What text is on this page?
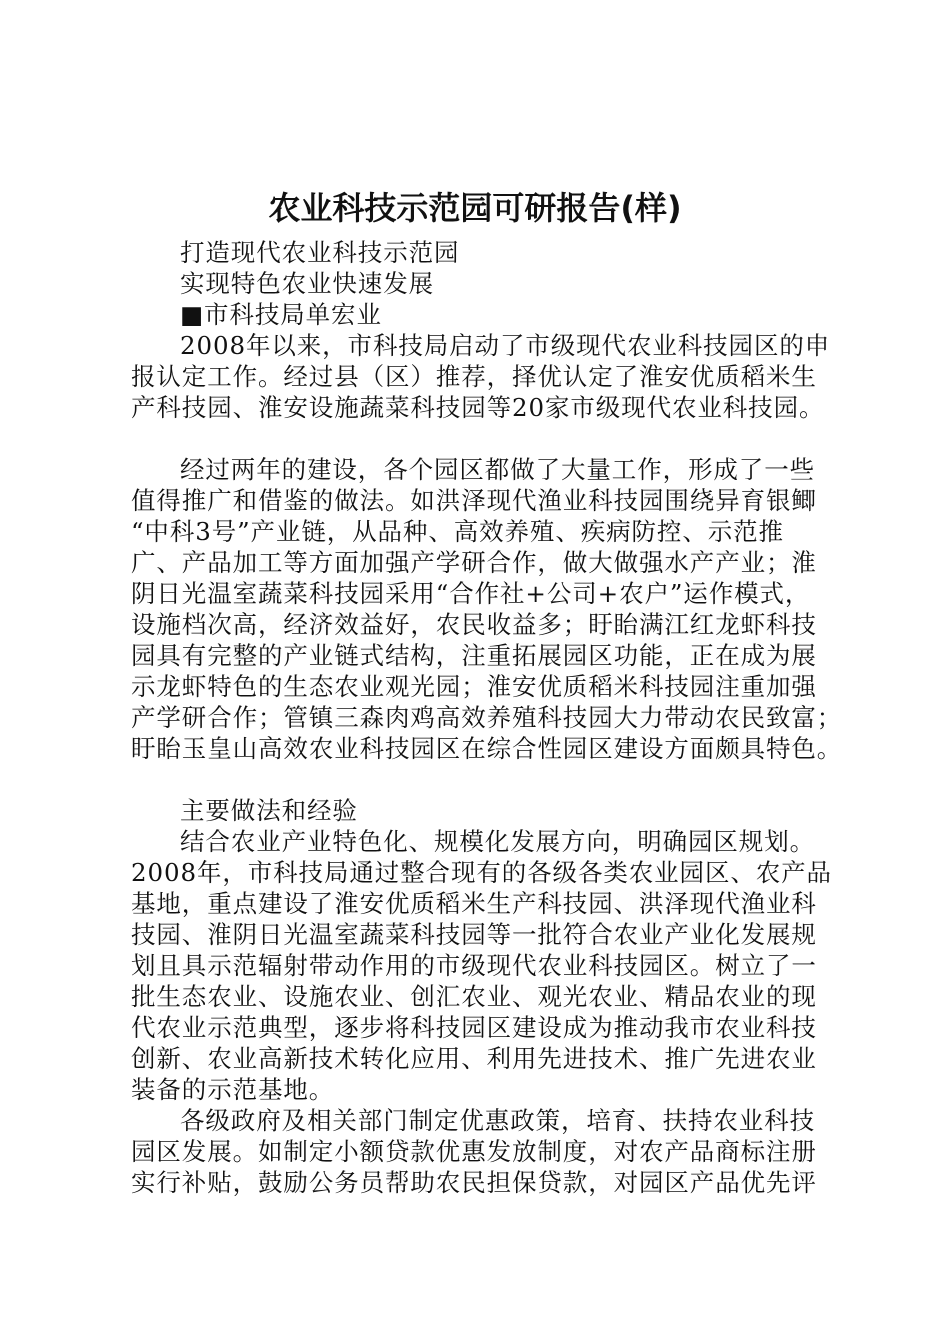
农业科技示范园可研报告(样)
打造现代农业科技示范园
实现特色农业快速发展
■市科技局单宏业
2008年以来，市科技局启动了市级现代农业科技园区的申
报认定工作。经过县（区）推荐，择优认定了淮安优质稻米生
产科技园、淮安设施蔬菜科技园等20家市级现代农业科技园。
经过两年的建设，各个园区都做了大量工作，形成了一些
值得推广和借鉴的做法。如洪泽现代渔业科技园围绕异育银鲫
“中科3号”产业链，从品种、高效养殖、疾病防控、示范推
广、产品加工等方面加强产学研合作，做大做强水产产业；淮
阴日光温室蔬菜科技园采用“合作社+公司+农户”运作模式，
设施档次高，经济效益好，农民收益多；盱眙满江红龙虾科技
园具有完整的产业链式结构，注重拓展园区功能，正在成为展
示龙虾特色的生态农业观光园；淮安优质稻米科技园注重加强
产学研合作；管镇三森肉鸡高效养殖科技园大力带动农民致富；
盱眙玉皇山高效农业科技园区在综合性园区建设方面颇具特色。
主要做法和经验
结合农业产业特色化、规模化发展方向，明确园区规划。
2008年，市科技局通过整合现有的各级各类农业园区、农产品
基地，重点建设了淮安优质稻米生产科技园、洪泽现代渔业科
技园、淮阴日光温室蔬菜科技园等一批符合农业产业化发展规
划且具示范辐射带动作用的市级现代农业科技园区。树立了一
批生态农业、设施农业、创汇农业、观光农业、精品农业的现
代农业示范典型，逐步将科技园区建设成为推动我市农业科技
创新、农业高新技术转化应用、利用先进技术、推广先进农业
装备的示范基地。
各级政府及相关部门制定优惠政策，培育、扶持农业科技
园区发展。如制定小额贷款优惠发放制度，对农产品商标注册
实行补贴，鼓励公务员帮助农民担保贷款，对园区产品优先评
